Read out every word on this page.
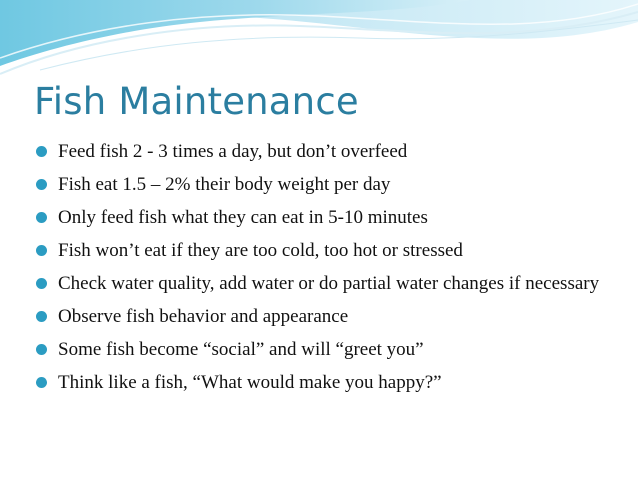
Fish Maintenance
Feed fish 2 - 3 times a day, but don’t overfeed
Fish eat 1.5 – 2% their body weight per day
Only feed fish what they can eat in 5-10 minutes
Fish won’t eat if they are too cold, too hot or stressed
Check water quality, add water or do partial water changes if necessary
Observe fish behavior and appearance
Some fish become “social” and will “greet you”
Think like a fish, “What would make you happy?”
